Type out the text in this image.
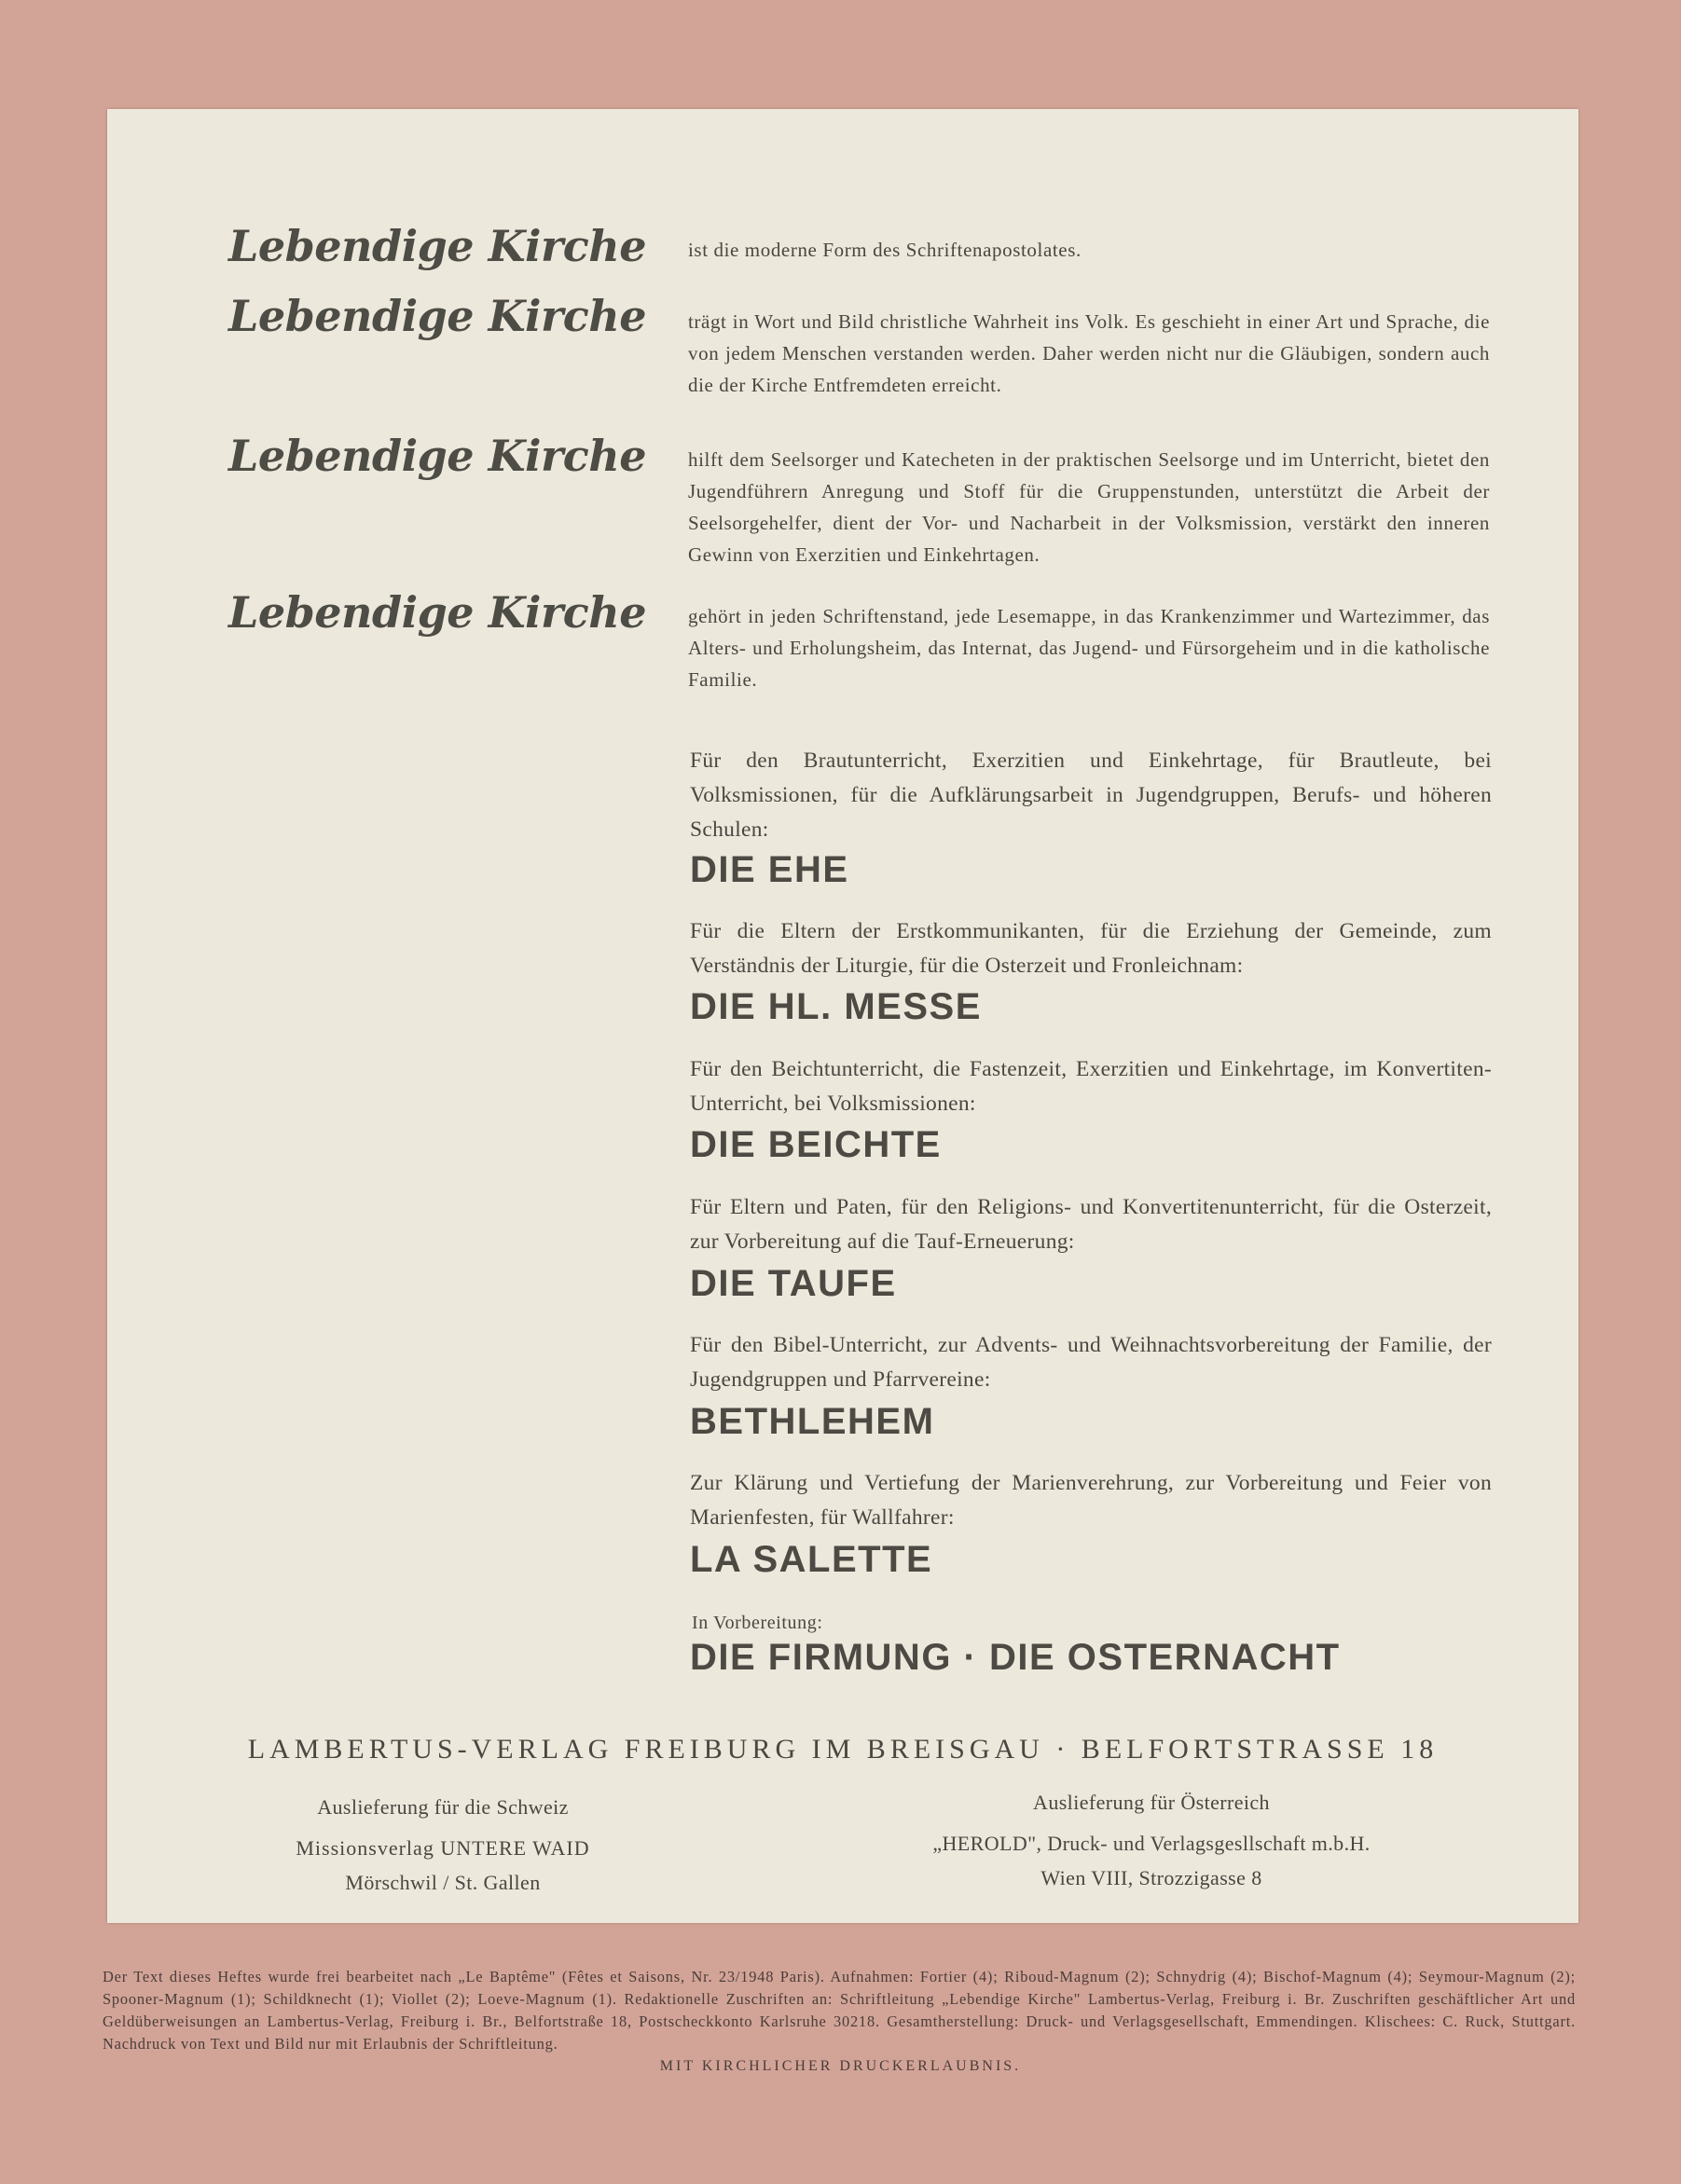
Lebendige Kirche	ist die moderne Form des Schriftenapostolates.
Lebendige Kirche	trägt in Wort und Bild christliche Wahrheit ins Volk. Es geschieht in einer Art und Sprache, die von jedem Menschen verstanden werden. Daher werden nicht nur die Gläubigen, sondern auch die der Kirche Entfremdeten erreicht.
Lebendige Kirche	hilft dem Seelsorger und Katecheten in der praktischen Seelsorge und im Unterricht, bietet den Jugendführern Anregung und Stoff für die Gruppenstunden, unterstützt die Arbeit der Seelsorgehelfer, dient der Vor- und Nacharbeit in der Volksmission, verstärkt den inneren Gewinn von Exerzitien und Einkehrtagen.
Lebendige Kirche	gehört in jeden Schriftenstand, jede Lesemappe, in das Krankenzimmer und Wartezimmer, das Alters- und Erholungsheim, das Internat, das Jugend- und Fürsorgeheim und in die katholische Familie.
Für den Brautunterricht, Exerzitien und Einkehrtage, für Brautleute, bei Volksmissionen, für die Aufklärungsarbeit in Jugendgruppen, Berufs- und höheren Schulen:
DIE EHE
Für die Eltern der Erstkommunikanten, für die Erziehung der Gemeinde, zum Verständnis der Liturgie, für die Osterzeit und Fronleichnam:
DIE HL. MESSE
Für den Beichtunterricht, die Fastenzeit, Exerzitien und Einkehrtage, im Konvertiten-Unterricht, bei Volksmissionen:
DIE BEICHTE
Für Eltern und Paten, für den Religions- und Konvertitenunterricht, für die Osterzeit, zur Vorbereitung auf die Tauf-Erneuerung:
DIE TAUFE
Für den Bibel-Unterricht, zur Advents- und Weihnachtsvorbereitung der Familie, der Jugendgruppen und Pfarrvereine:
BETHLEHEM
Zur Klärung und Vertiefung der Marienverehrung, zur Vorbereitung und Feier von Marienfesten, für Wallfahrer:
LA SALETTE
In Vorbereitung:
DIE FIRMUNG · DIE OSTERNACHT
LAMBERTUS-VERLAG FREIBURG IM BREISGAU · BELFORTSTRASSE 18
Auslieferung für die Schweiz
Missionsverlag UNTERE WAID
Mörschwil / St. Gallen
Auslieferung für Österreich
„HEROLD", Druck- und Verlagsgesllschaft m.b.H.
Wien VIII, Strozzigasse 8
Der Text dieses Heftes wurde frei bearbeitet nach „Le Baptême" (Fêtes et Saisons, Nr. 23/1948 Paris). Aufnahmen: Fortier (4); Riboud-Magnum (2); Schnydrig (4); Bischof-Magnum (4); Seymour-Magnum (2); Spooner-Magnum (1); Schildknecht (1); Viollet (2); Loeve-Magnum (1). Redaktionelle Zuschriften an: Schriftleitung „Lebendige Kirche" Lambertus-Verlag, Freiburg i. Br. Zuschriften geschäftlicher Art und Geldüberweisungen an Lambertus-Verlag, Freiburg i. Br., Belfortstraße 18, Postscheckkonto Karlsruhe 30218. Gesamtherstellung: Druck- und Verlagsgesellschaft, Emmendingen. Klischees: C. Ruck, Stuttgart. Nachdruck von Text und Bild nur mit Erlaubnis der Schriftleitung.
MIT KIRCHLICHER DRUCKERLAUBNIS.
